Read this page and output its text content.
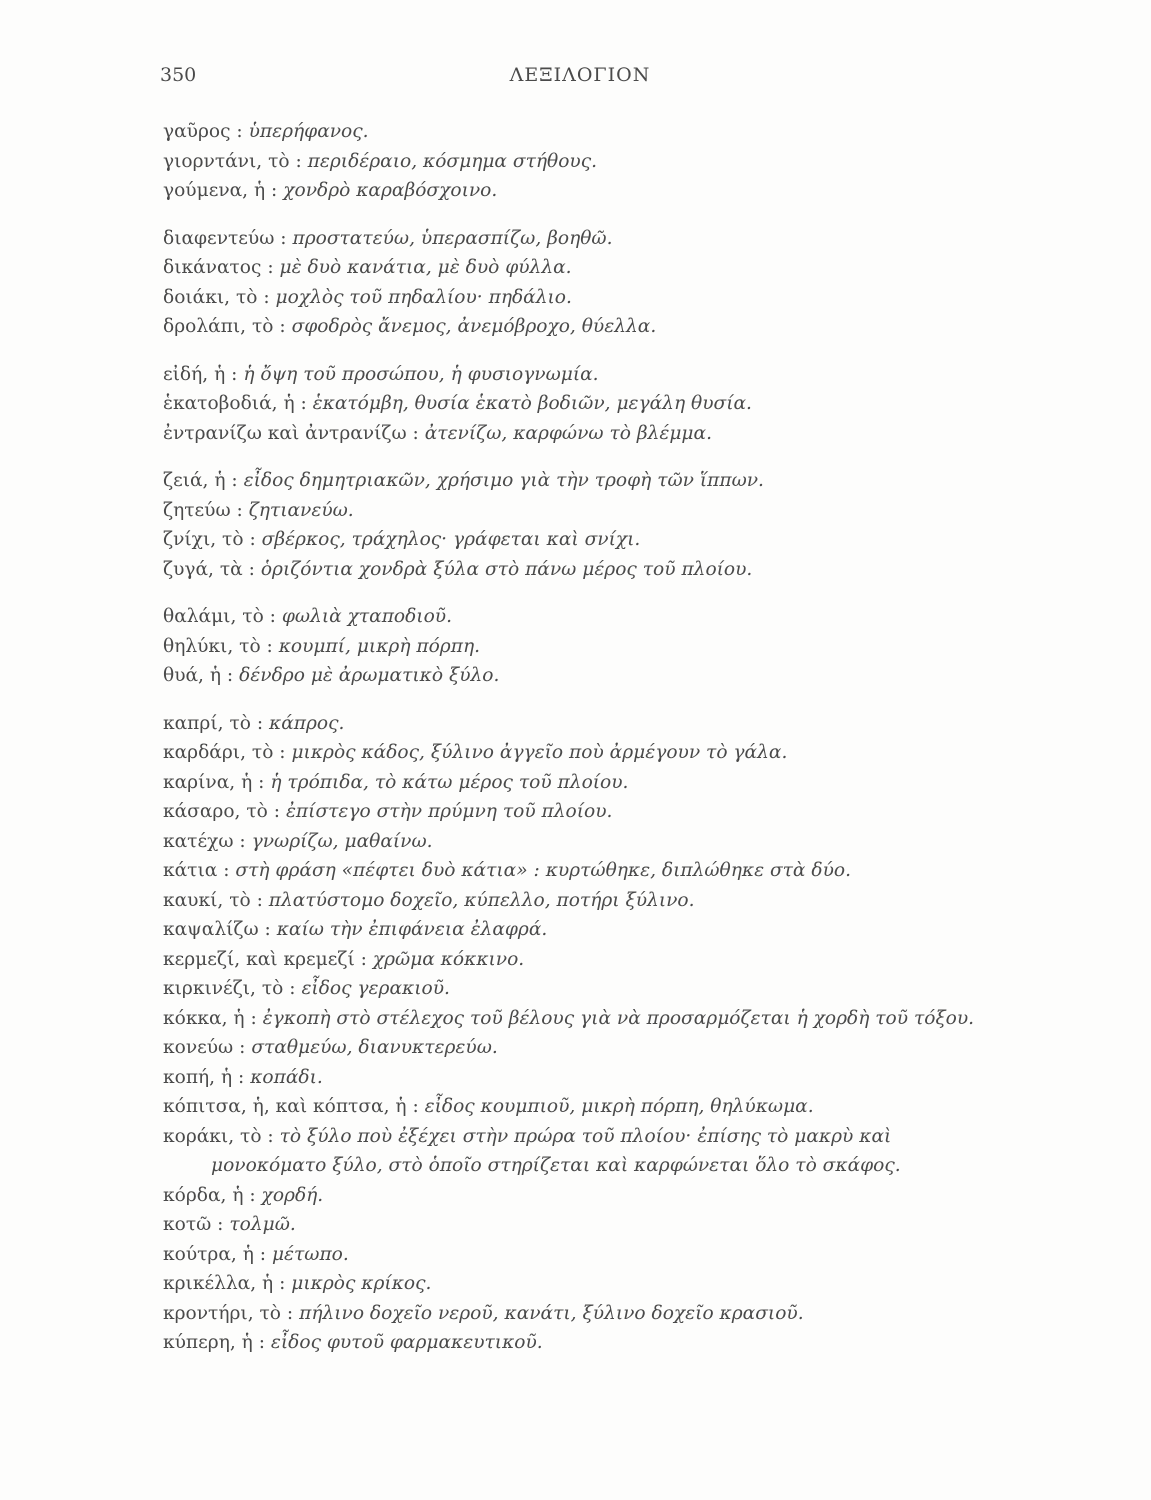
350	ΛΕΞΙΛΟΓΙΟΝ
γαῦρος : ὑπερήφανος.
γιορντάνι, τὸ : περιδέραιο, κόσμημα στήθους.
γούμενα, ἡ : χονδρὸ καραβόσχοινο.
διαφεντεύω : προστατεύω, ὑπερασπίζω, βοηθῶ.
δικάνατος : μὲ δυὸ κανάτια, μὲ δυὸ φύλλα.
δοιάκι, τὸ : μοχλὸς τοῦ πηδαλίου· πηδάλιο.
δρολάπι, τὸ : σφοδρὸς ἄνεμος, ἀνεμόβροχο, θύελλα.
εἰδή, ἡ : ἡ ὄψη τοῦ προσώπου, ἡ φυσιογνωμία.
ἑκατοβοδιά, ἡ : ἑκατόμβη, θυσία ἑκατὸ βοδιῶν, μεγάλη θυσία.
ἐντρανίζω καὶ ἀντρανίζω : ἀτενίζω, καρφώνω τὸ βλέμμα.
ζειά, ἡ : εἶδος δημητριακῶν, χρήσιμο γιὰ τὴν τροφὴ τῶν ἵππων.
ζητεύω : ζητιανεύω.
ζνίχι, τὸ : σβέρκος, τράχηλος· γράφεται καὶ σνίχι.
ζυγά, τὰ : ὁριζόντια χονδρὰ ξύλα στὸ πάνω μέρος τοῦ πλοίου.
θαλάμι, τὸ : φωλιὰ χταποδιοῦ.
θηλύκι, τὸ : κουμπί, μικρὴ πόρπη.
θυά, ἡ : δένδρο μὲ ἀρωματικὸ ξύλο.
καπρί, τὸ : κάπρος.
καρδάρι, τὸ : μικρὸς κάδος, ξύλινο ἀγγεῖο ποὺ ἀρμέγουν τὸ γάλα.
καρίνα, ἡ : ἡ τρόπιδα, τὸ κάτω μέρος τοῦ πλοίου.
κάσαρο, τὸ : ἐπίστεγο στὴν πρύμνη τοῦ πλοίου.
κατέχω : γνωρίζω, μαθαίνω.
κάτια : στὴ φράση «πέφτει δυὸ κάτια» : κυρτώθηκε, διπλώθηκε στὰ δύο.
καυκί, τὸ : πλατύστομο δοχεῖο, κύπελλο, ποτήρι ξύλινο.
καψαλίζω : καίω τὴν ἐπιφάνεια ἐλαφρά.
κερμεζί, καὶ κρεμεζί : χρῶμα κόκκινο.
κιρκινέζι, τὸ : εἶδος γερακιοῦ.
κόκκα, ἡ : ἐγκοπὴ στὸ στέλεχος τοῦ βέλους γιὰ νὰ προσαρμόζεται ἡ χορδὴ τοῦ τόξου.
κονεύω : σταθμεύω, διανυκτερεύω.
κοπή, ἡ : κοπάδι.
κόπιτσα, ἡ, καὶ κόπτσα, ἡ : εἶδος κουμπιοῦ, μικρὴ πόρπη, θηλύκωμα.
κοράκι, τὸ : τὸ ξύλο ποὺ ἐξέχει στὴν πρώρα τοῦ πλοίου· ἐπίσης τὸ μακρὺ καὶ μονοκόματο ξύλο, στὸ ὁποῖο στηρίζεται καὶ καρφώνεται ὅλο τὸ σκάφος.
κόρδα, ἡ : χορδή.
κοτῶ : τολμῶ.
κούτρα, ἡ : μέτωπο.
κρικέλλα, ἡ : μικρὸς κρίκος.
κροντήρι, τὸ : πήλινο δοχεῖο νεροῦ, κανάτι, ξύλινο δοχεῖο κρασιοῦ.
κύπερη, ἡ : εἶδος φυτοῦ φαρμακευτικοῦ.
